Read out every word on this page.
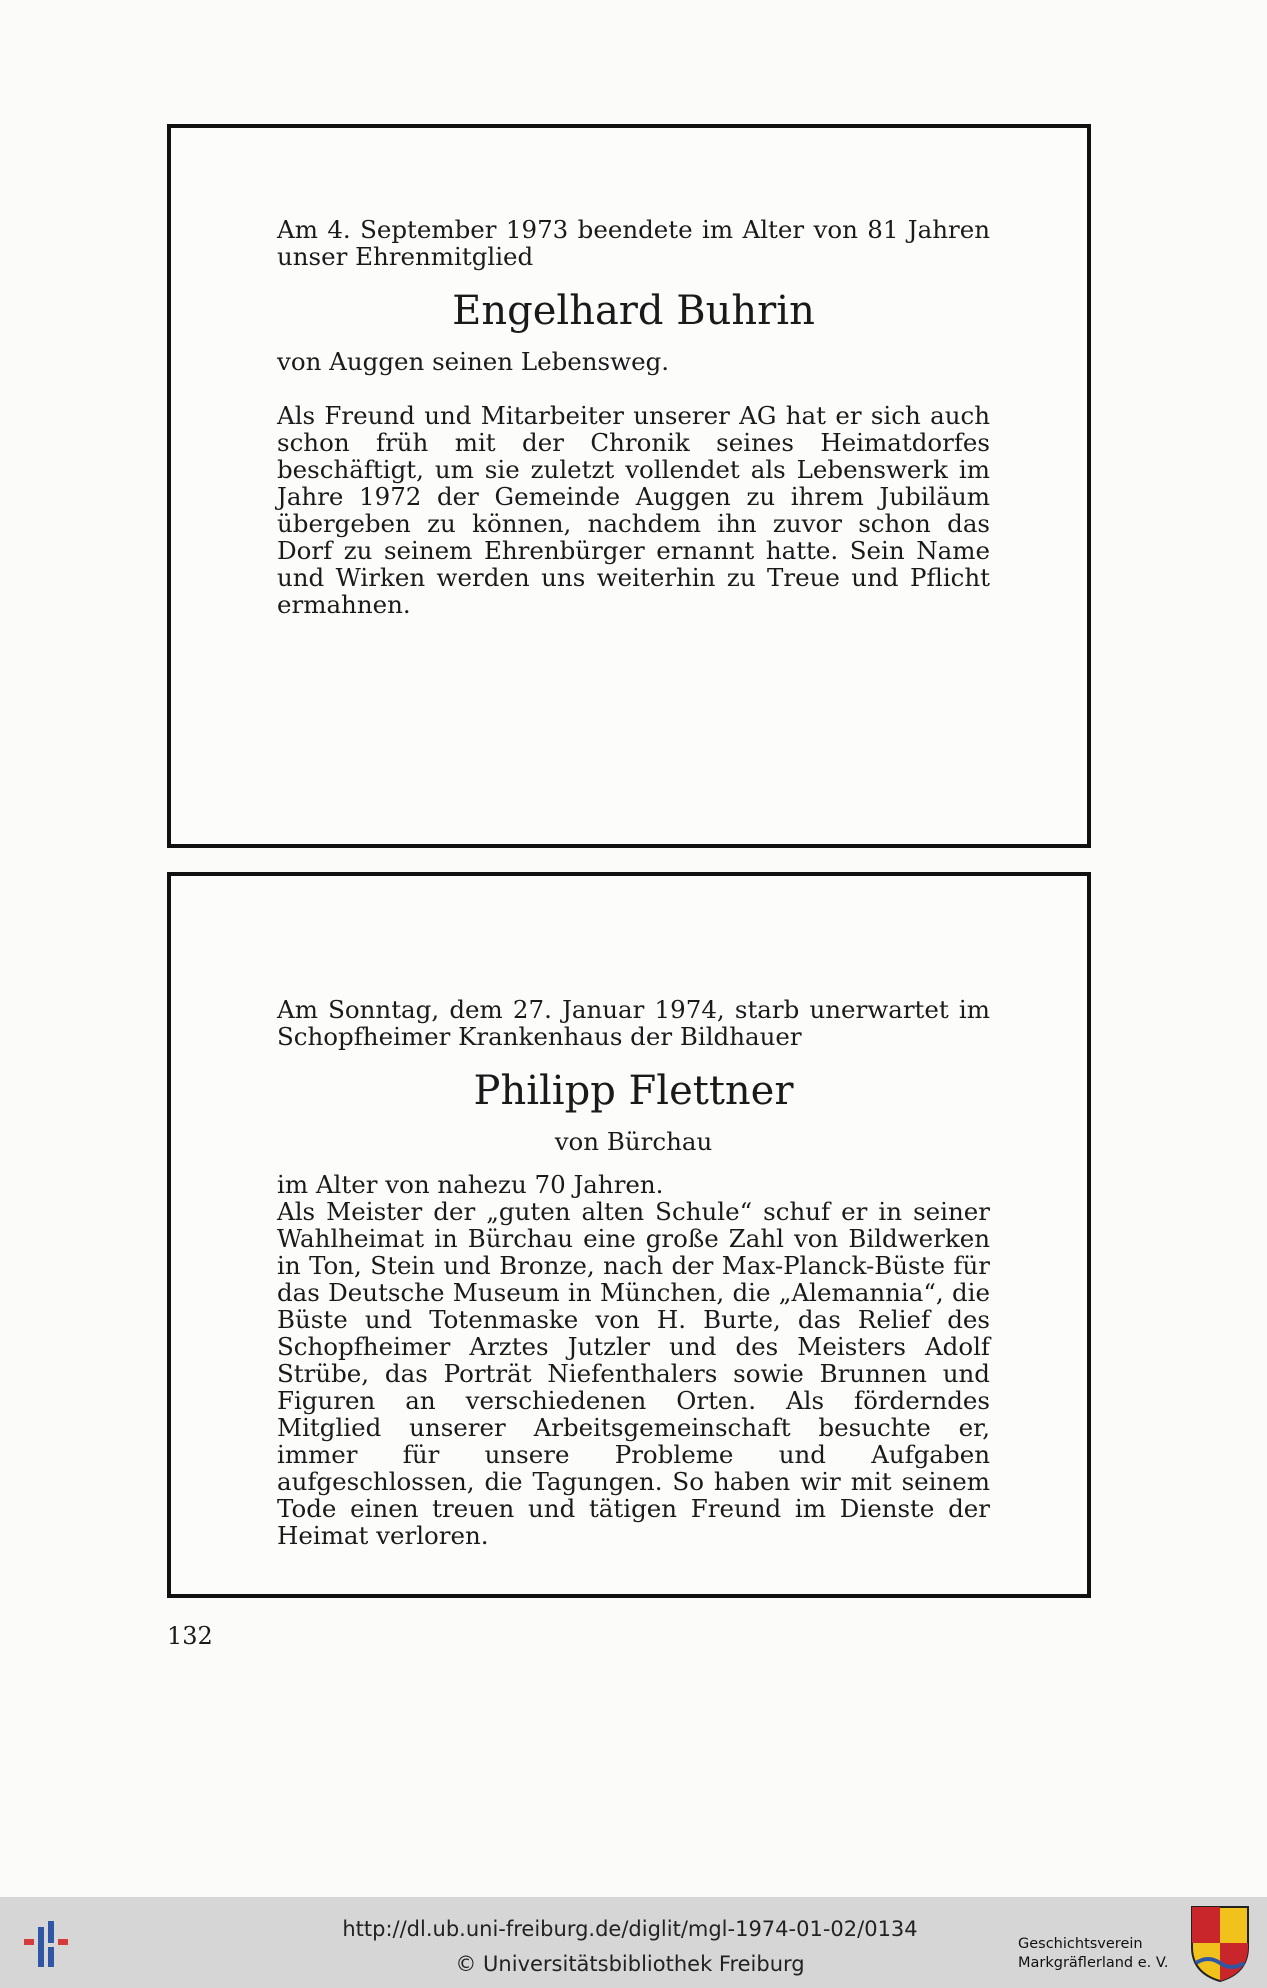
Am 4. September 1973 beendete im Alter von 81 Jahren unser Ehrenmitglied

Engelhard Buhrin

von Auggen seinen Lebensweg.

Als Freund und Mitarbeiter unserer AG hat er sich auch schon früh mit der Chronik seines Heimatdorfes beschäftigt, um sie zuletzt vollendet als Lebenswerk im Jahre 1972 der Gemeinde Auggen zu ihrem Jubiläum übergeben zu können, nachdem ihn zuvor schon das Dorf zu seinem Ehrenbürger ernannt hatte. Sein Name und Wirken werden uns weiterhin zu Treue und Pflicht ermahnen.

Am Sonntag, dem 27. Januar 1974, starb unerwartet im Schopfheimer Krankenhaus der Bildhauer

Philipp Flettner

von Bürchau

im Alter von nahezu 70 Jahren.

Als Meister der „guten alten Schule“ schuf er in seiner Wahlheimat in Bürchau eine große Zahl von Bildwerken in Ton, Stein und Bronze, nach der Max-Planck-Büste für das Deutsche Museum in München, die „Alemannia“, die Büste und Totenmaske von H. Burte, das Relief des Schopfheimer Arztes Jutzler und des Meisters Adolf Strübe, das Porträt Niefenthalers sowie Brunnen und Figuren an verschiedenen Orten. Als förderndes Mitglied unserer Arbeitsgemeinschaft besuchte er, immer für unsere Probleme und Aufgaben aufgeschlossen, die Tagungen. So haben wir mit seinem Tode einen treuen und tätigen Freund im Dienste der Heimat verloren.

132
http://dl.ub.uni-freiburg.de/diglit/mgl-1974-01-02/0134
© Universitätsbibliothek Freiburg
Geschichtsverein
Markgräflerland e. V.
